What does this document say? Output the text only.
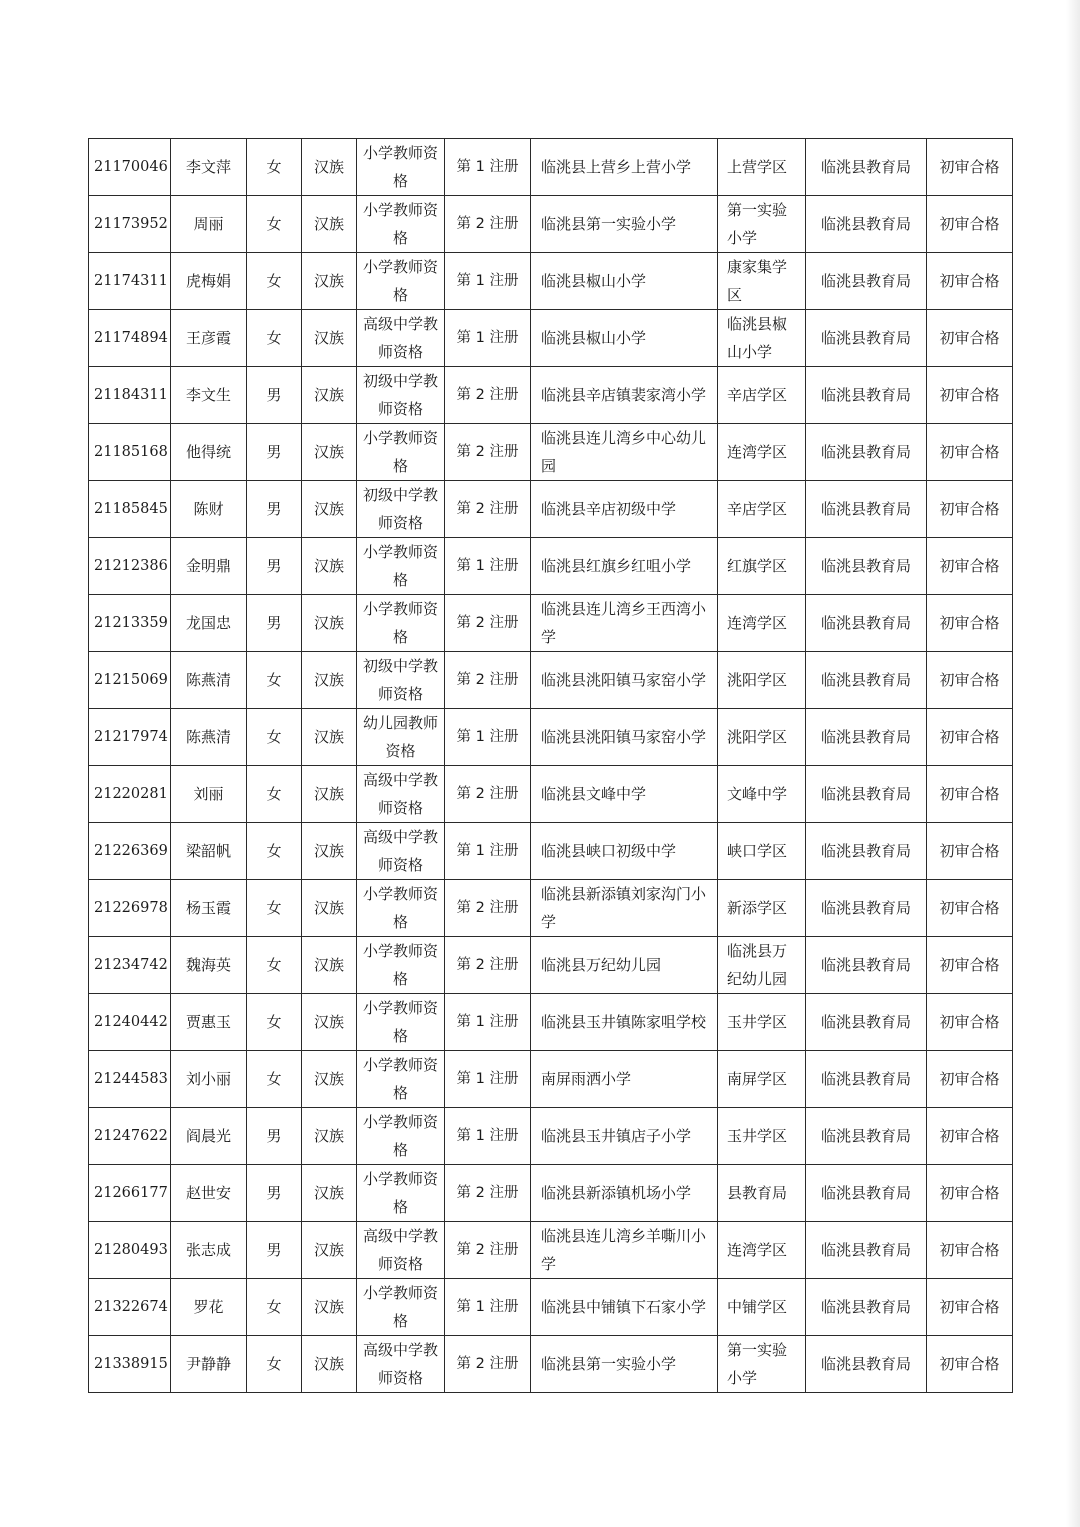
21170046	李文萍	女	汉族	小学教师资格	第 1 注册	临洮县上营乡上营小学	上营学区	临洮县教育局	初审合格
21173952	周丽	女	汉族	小学教师资格	第 2 注册	临洮县第一实验小学	第一实验小学	临洮县教育局	初审合格
21174311	虎梅娟	女	汉族	小学教师资格	第 1 注册	临洮县椒山小学	康家集学区	临洮县教育局	初审合格
21174894	王彦霞	女	汉族	高级中学教师资格	第 1 注册	临洮县椒山小学	临洮县椒山小学	临洮县教育局	初审合格
21184311	李文生	男	汉族	初级中学教师资格	第 2 注册	临洮县辛店镇裴家湾小学	辛店学区	临洮县教育局	初审合格
21185168	他得统	男	汉族	小学教师资格	第 2 注册	临洮县连儿湾乡中心幼儿园	连湾学区	临洮县教育局	初审合格
21185845	陈财	男	汉族	初级中学教师资格	第 2 注册	临洮县辛店初级中学	辛店学区	临洮县教育局	初审合格
21212386	金明鼎	男	汉族	小学教师资格	第 1 注册	临洮县红旗乡红咀小学	红旗学区	临洮县教育局	初审合格
21213359	龙国忠	男	汉族	小学教师资格	第 2 注册	临洮县连儿湾乡王西湾小学	连湾学区	临洮县教育局	初审合格
21215069	陈燕清	女	汉族	初级中学教师资格	第 2 注册	临洮县洮阳镇马家窑小学	洮阳学区	临洮县教育局	初审合格
21217974	陈燕清	女	汉族	幼儿园教师资格	第 1 注册	临洮县洮阳镇马家窑小学	洮阳学区	临洮县教育局	初审合格
21220281	刘丽	女	汉族	高级中学教师资格	第 2 注册	临洮县文峰中学	文峰中学	临洮县教育局	初审合格
21226369	梁韶帆	女	汉族	高级中学教师资格	第 1 注册	临洮县峡口初级中学	峡口学区	临洮县教育局	初审合格
21226978	杨玉霞	女	汉族	小学教师资格	第 2 注册	临洮县新添镇刘家沟门小学	新添学区	临洮县教育局	初审合格
21234742	魏海英	女	汉族	小学教师资格	第 2 注册	临洮县万纪幼儿园	临洮县万纪幼儿园	临洮县教育局	初审合格
21240442	贾惠玉	女	汉族	小学教师资格	第 1 注册	临洮县玉井镇陈家咀学校	玉井学区	临洮县教育局	初审合格
21244583	刘小丽	女	汉族	小学教师资格	第 1 注册	南屏雨洒小学	南屏学区	临洮县教育局	初审合格
21247622	阎晨光	男	汉族	小学教师资格	第 1 注册	临洮县玉井镇店子小学	玉井学区	临洮县教育局	初审合格
21266177	赵世安	男	汉族	小学教师资格	第 2 注册	临洮县新添镇机场小学	县教育局	临洮县教育局	初审合格
21280493	张志成	男	汉族	高级中学教师资格	第 2 注册	临洮县连儿湾乡羊嘶川小学	连湾学区	临洮县教育局	初审合格
21322674	罗花	女	汉族	小学教师资格	第 1 注册	临洮县中铺镇下石家小学	中铺学区	临洮县教育局	初审合格
21338915	尹静静	女	汉族	高级中学教师资格	第 2 注册	临洮县第一实验小学	第一实验小学	临洮县教育局	初审合格
